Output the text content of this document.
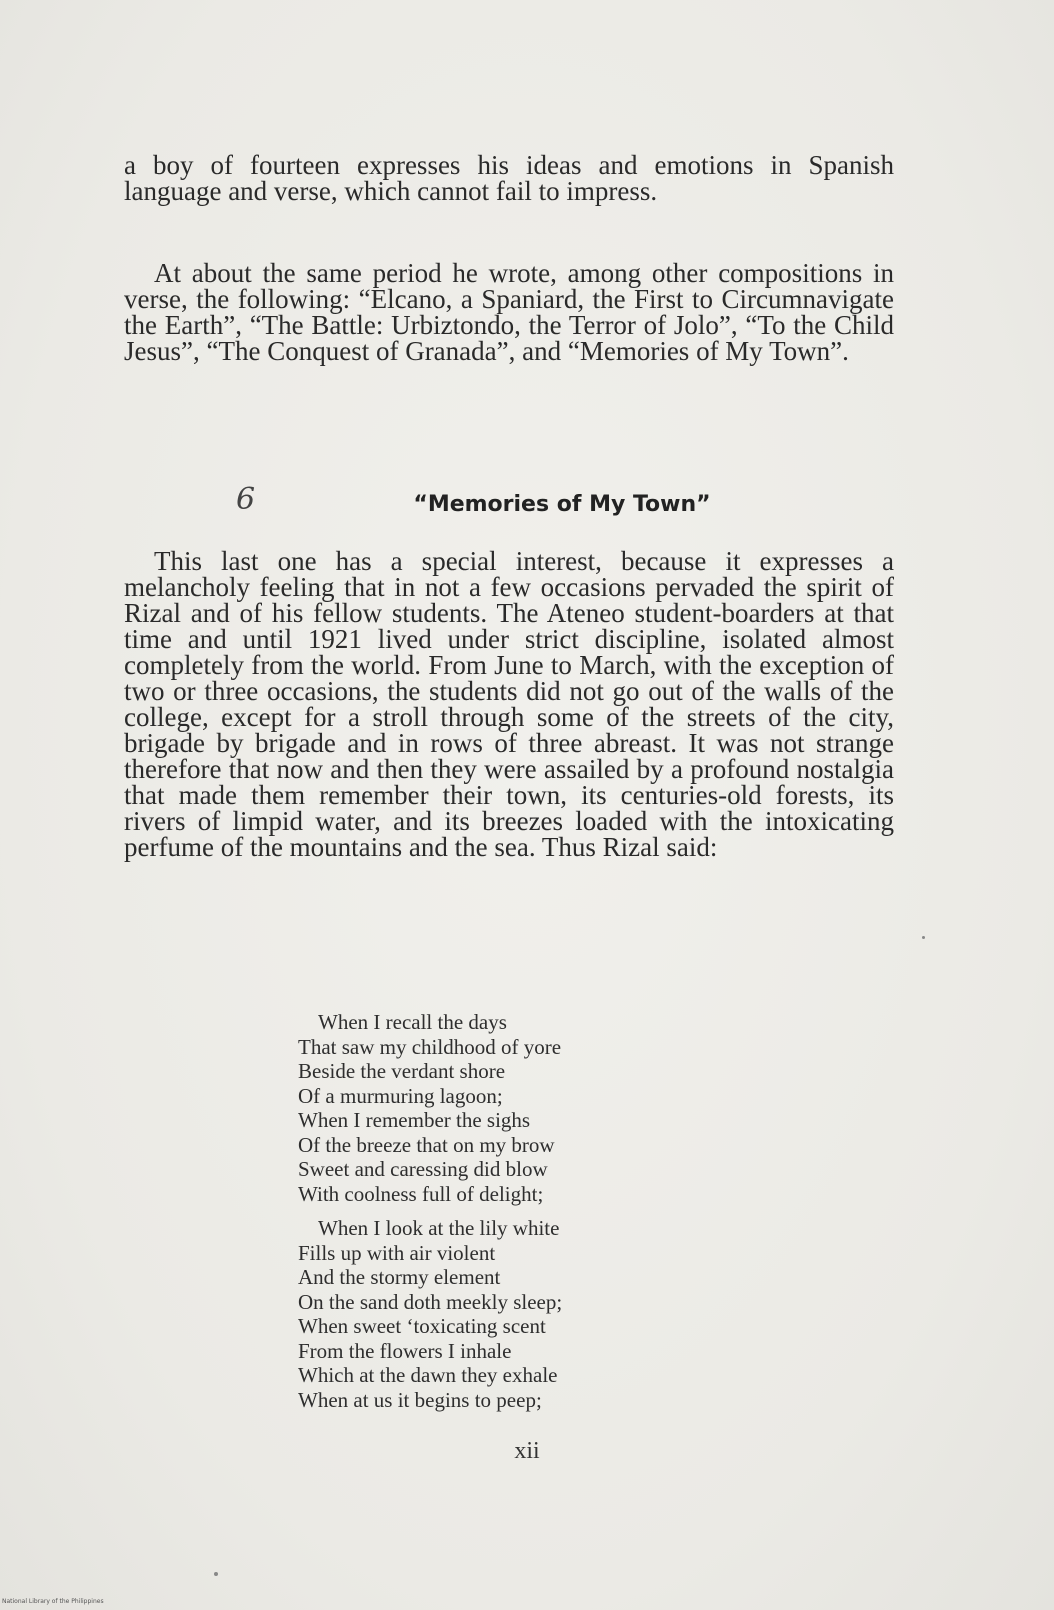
a boy of fourteen expresses his ideas and emotions in Spanish language and verse, which cannot fail to impress.

At about the same period he wrote, among other compositions in verse, the following: “Elcano, a Spaniard, the First to Circumnavigate the Earth”, “The Battle: Urbiztondo, the Terror of Jolo”, “To the Child Jesus”, “The Conquest of Granada”, and “Memories of My Town”.

6	“Memories of My Town”

This last one has a special interest, because it expresses a melancholy feeling that in not a few occasions pervaded the spirit of Rizal and of his fellow students. The Ateneo student-boarders at that time and until 1921 lived under strict discipline, isolated almost completely from the world. From June to March, with the exception of two or three occasions, the students did not go out of the walls of the college, except for a stroll through some of the streets of the city, brigade by brigade and in rows of three abreast. It was not strange therefore that now and then they were assailed by a profound nostalgia that made them remember their town, its centuries-old forests, its rivers of limpid water, and its breezes loaded with the intoxicating perfume of the mountains and the sea. Thus Rizal said:

When I recall the days
That saw my childhood of yore
Beside the verdant shore
Of a murmuring lagoon;
When I remember the sighs
Of the breeze that on my brow
Sweet and caressing did blow
With coolness full of delight;
When I look at the lily white
Fills up with air violent
And the stormy element
On the sand doth meekly sleep;
When sweet ‘toxicating scent
From the flowers I inhale
Which at the dawn they exhale
When at us it begins to peep;
xii
National Library of the Philippines
